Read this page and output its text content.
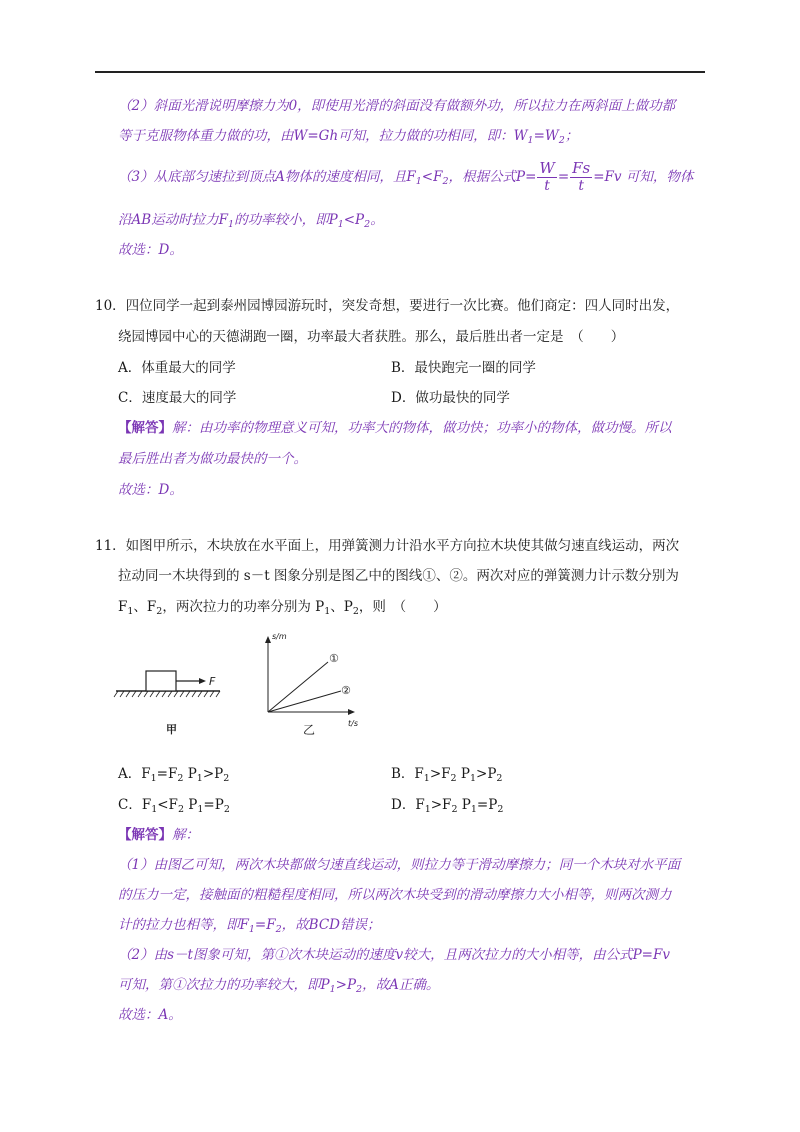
（2）斜面光滑说明摩擦力为0，即使用光滑的斜面没有做额外功，所以拉力在两斜面上做功都
等于克服物体重力做的功，由W=Gh可知，拉力做的功相同，即：$W_1=W_2$；
（3）从底部匀速拉到顶点A物体的速度相同，且$F_1<F_2$，根据公式$P= \frac{W}{t} = \frac{Fs}{t} =Fv$ 可知，物体
沿AB运动时拉力$F_1$的功率较小，即$P_1<P_2$。
故选：D。
10．四位同学一起到泰州园博园游玩时，突发奇想，要进行一次比赛。他们商定：四人同时出发，
绕园博园中心的天德湖跑一圈，功率最大者获胜。那么，最后胜出者一定是　（　　）
A．体重最大的同学	B．最快跑完一圈的同学
C．速度最大的同学	D．做功最快的同学
【解答】解：由功率的物理意义可知，功率大的物体，做功快；功率小的物体，做功慢。所以
最后胜出者为做功最快的一个。
故选：D。
11．如图甲所示，木块放在水平面上，用弹簧测力计沿水平方向拉木块使其做匀速直线运动，两次
拉动同一木块得到的 s－t 图象分别是图乙中的图线①、②。两次对应的弹簧测力计示数分别为
$F_1$、$F_2$，两次拉力的功率分别为 $P_1$、$P_2$，则　（　　）
F
甲
s/m
t/s
①
②
乙
A．$F_1=F_2$ $P_1>P_2$	B．$F_1>F_2$ $P_1>P_2$
C．$F_1<F_2$ $P_1=P_2$	D．$F_1>F_2$ $P_1=P_2$
【解答】解：
（1）由图乙可知，两次木块都做匀速直线运动，则拉力等于滑动摩擦力；同一个木块对水平面
的压力一定，接触面的粗糙程度相同，所以两次木块受到的滑动摩擦力大小相等，则两次测力
计的拉力也相等，即$F_1=F_2$，故BCD错误；
（2）由s－t图象可知，第①次木块运动的速度v较大，且两次拉力的大小相等，由公式P=Fv
可知，第①次拉力的功率较大，即$P_1>P_2$，故A正确。
故选：A。
